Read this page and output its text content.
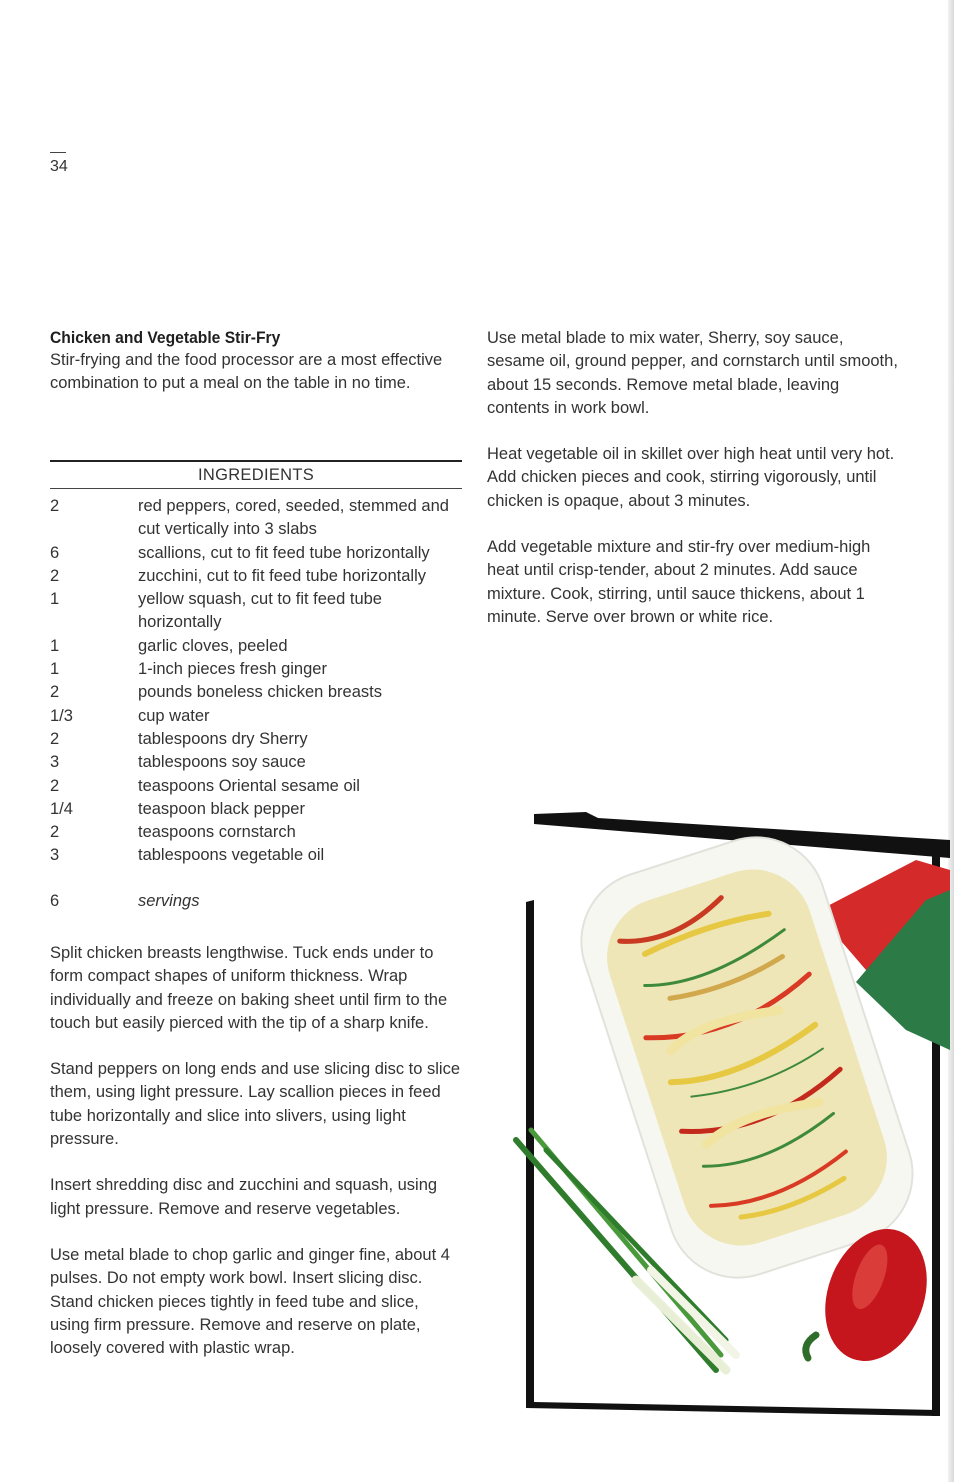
34
Chicken and Vegetable Stir-Fry

Stir-frying and the food processor are a most effective combination to put a meal on the table in no time.

INGREDIENTS
2	red peppers, cored, seeded, stemmed and cut vertically into 3 slabs
6	scallions, cut to fit feed tube horizontally
2	zucchini, cut to fit feed tube horizontally
1	yellow squash, cut to fit feed tube horizontally
1	garlic cloves, peeled
1	1-inch pieces fresh ginger
2	pounds boneless chicken breasts
1/3	cup water
2	tablespoons dry Sherry
3	tablespoons soy sauce
2	teaspoons Oriental sesame oil
1/4	teaspoon black pepper
2	teaspoons cornstarch
3	tablespoons vegetable oil
6	servings

Split chicken breasts lengthwise. Tuck ends under to form compact shapes of uniform thickness. Wrap individually and freeze on baking sheet until firm to the touch but easily pierced with the tip of a sharp knife.

Stand peppers on long ends and use slicing disc to slice them, using light pressure. Lay scallion pieces in feed tube horizontally and slice into slivers, using light pressure.

Insert shredding disc and zucchini and squash, using light pressure. Remove and reserve vegetables.

Use metal blade to chop garlic and ginger fine, about 4 pulses. Do not empty work bowl. Insert slicing disc. Stand chicken pieces tightly in feed tube and slice, using firm pressure. Remove and reserve on plate, loosely covered with plastic wrap.

Use metal blade to mix water, Sherry, soy sauce, sesame oil, ground pepper, and cornstarch until smooth, about 15 seconds. Remove metal blade, leaving contents in work bowl.

Heat vegetable oil in skillet over high heat until very hot. Add chicken pieces and cook, stirring vigorously, until chicken is opaque, about 3 minutes.

Add vegetable mixture and stir-fry over medium-high heat until crisp-tender, about 2 minutes. Add sauce mixture. Cook, stirring, until sauce thickens, about 1 minute. Serve over brown or white rice.
